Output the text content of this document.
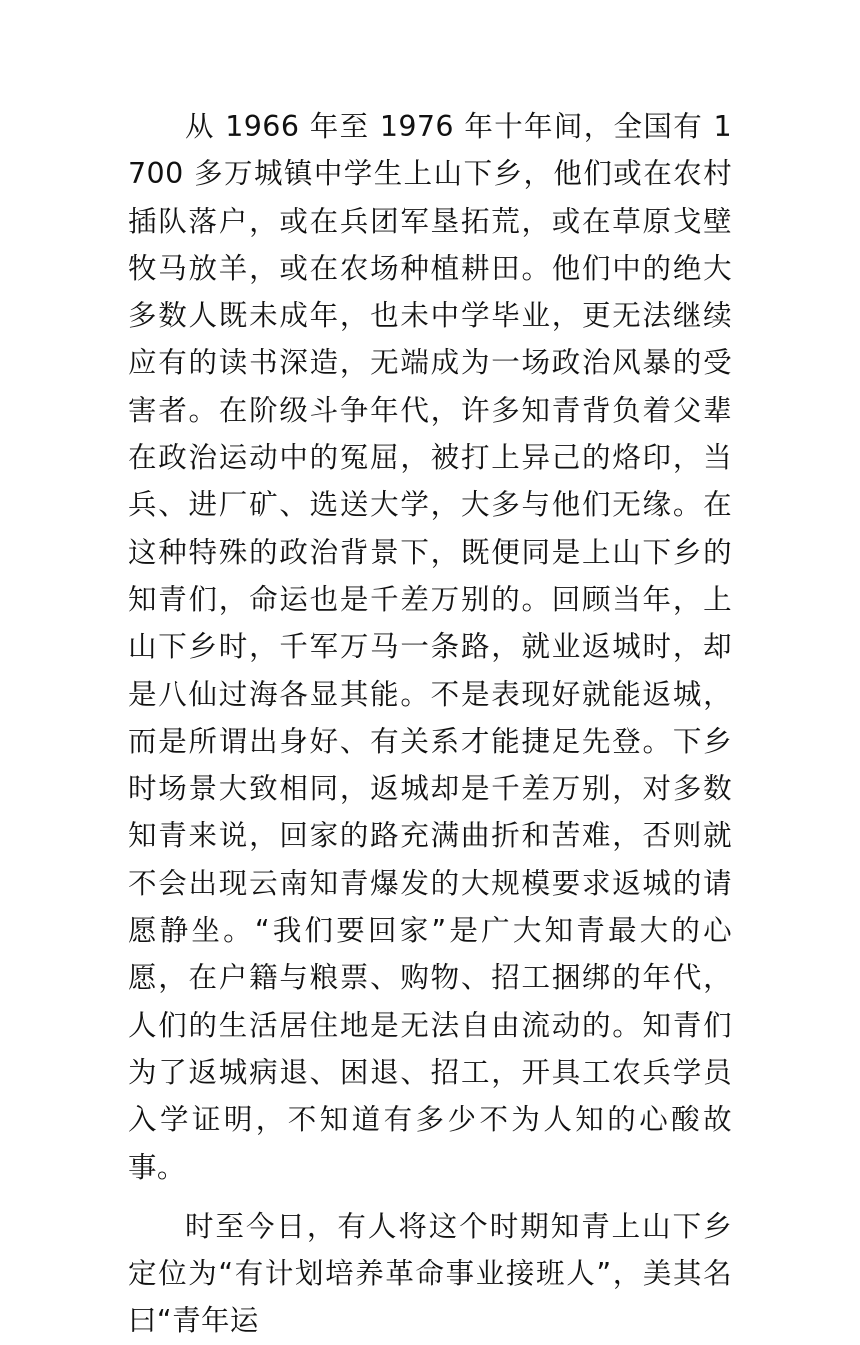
从 1966 年至 1976 年十年间，全国有 1700 多万城镇中学生上山下乡，他们或在农村插队落户，或在兵团军垦拓荒，或在草原戈壁牧马放羊，或在农场种植耕田。他们中的绝大多数人既未成年，也未中学毕业，更无法继续应有的读书深造，无端成为一场政治风暴的受害者。在阶级斗争年代，许多知青背负着父辈在政治运动中的冤屈，被打上异己的烙印，当兵、进厂矿、选送大学，大多与他们无缘。在这种特殊的政治背景下，既便同是上山下乡的知青们，命运也是千差万别的。回顾当年，上山下乡时，千军万马一条路，就业返城时，却是八仙过海各显其能。不是表现好就能返城，而是所谓出身好、有关系才能捷足先登。下乡时场景大致相同，返城却是千差万别，对多数知青来说，回家的路充满曲折和苦难，否则就不会出现云南知青爆发的大规模要求返城的请愿静坐。“我们要回家”是广大知青最大的心愿，在户籍与粮票、购物、招工捆绑的年代，人们的生活居住地是无法自由流动的。知青们为了返城病退、困退、招工，开具工农兵学员入学证明，不知道有多少不为人知的心酸故事。

时至今日，有人将这个时期知青上山下乡定位为“有计划培养革命事业接班人”，美其名曰“青年运
